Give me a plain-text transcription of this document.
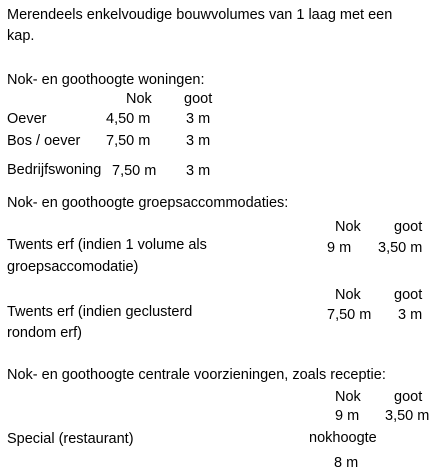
Merendeels enkelvoudige bouwvolumes van 1 laag met een
kap.
Nok- en goothoogte woningen:
Nok goot
Oever	4,50 m 3 m
Bos / oever 7,50 m 3 m
Bedrijfswoning 7,50 m 3 m
Nok- en goothoogte groepsaccommodaties:
Nok goot
Twents erf (indien 1 volume als	9 m 3,50 m
groepsaccomodatie)
Nok goot
Twents erf (indien geclusterd	7,50 m 3 m
rondom erf)
Nok- en goothoogte centrale voorzieningen, zoals receptie:
Nok goot
9 m 3,50 m
Special (restaurant)	nokhoogte
8 m
